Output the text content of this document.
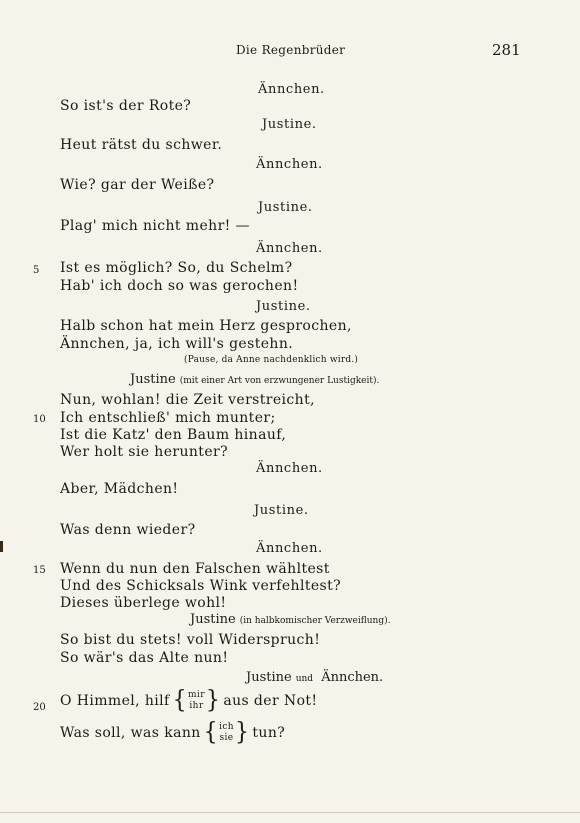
Die Regenbrüder	281
Ännchen.
So ist's der Rote?
Justine.
Heut rätst du schwer.
Ännchen.
Wie? gar der Weiße?
Justine.
Plag' mich nicht mehr! —
Ännchen.
5 Ist es möglich? So, du Schelm?
Hab' ich doch so was gerochen!
Justine.
Halb schon hat mein Herz gesprochen,
Ännchen, ja, ich will's gestehn.
(Pause, da Anne nachdenklich wird.)
Justine (mit einer Art von erzwungener Lustigkeit).
Nun, wohlan! die Zeit verstreicht,
10 Ich entschließ' mich munter;
Ist die Katz' den Baum hinauf,
Wer holt sie herunter?
Ännchen.
Aber, Mädchen!
Justine.
Was denn wieder?
Ännchen.
15 Wenn du nun den Falschen wähltest
Und des Schicksals Wink verfehltest?
Dieses überlege wohl!
Justine (in halbkomischer Verzweiflung).
So bist du stets! voll Widerspruch!
So wär's das Alte nun!
Justine und Ännchen.
20 O Himmel, hilf { mir
ihr } aus der Not!
Was soll, was kann { ich
sie } tun?
